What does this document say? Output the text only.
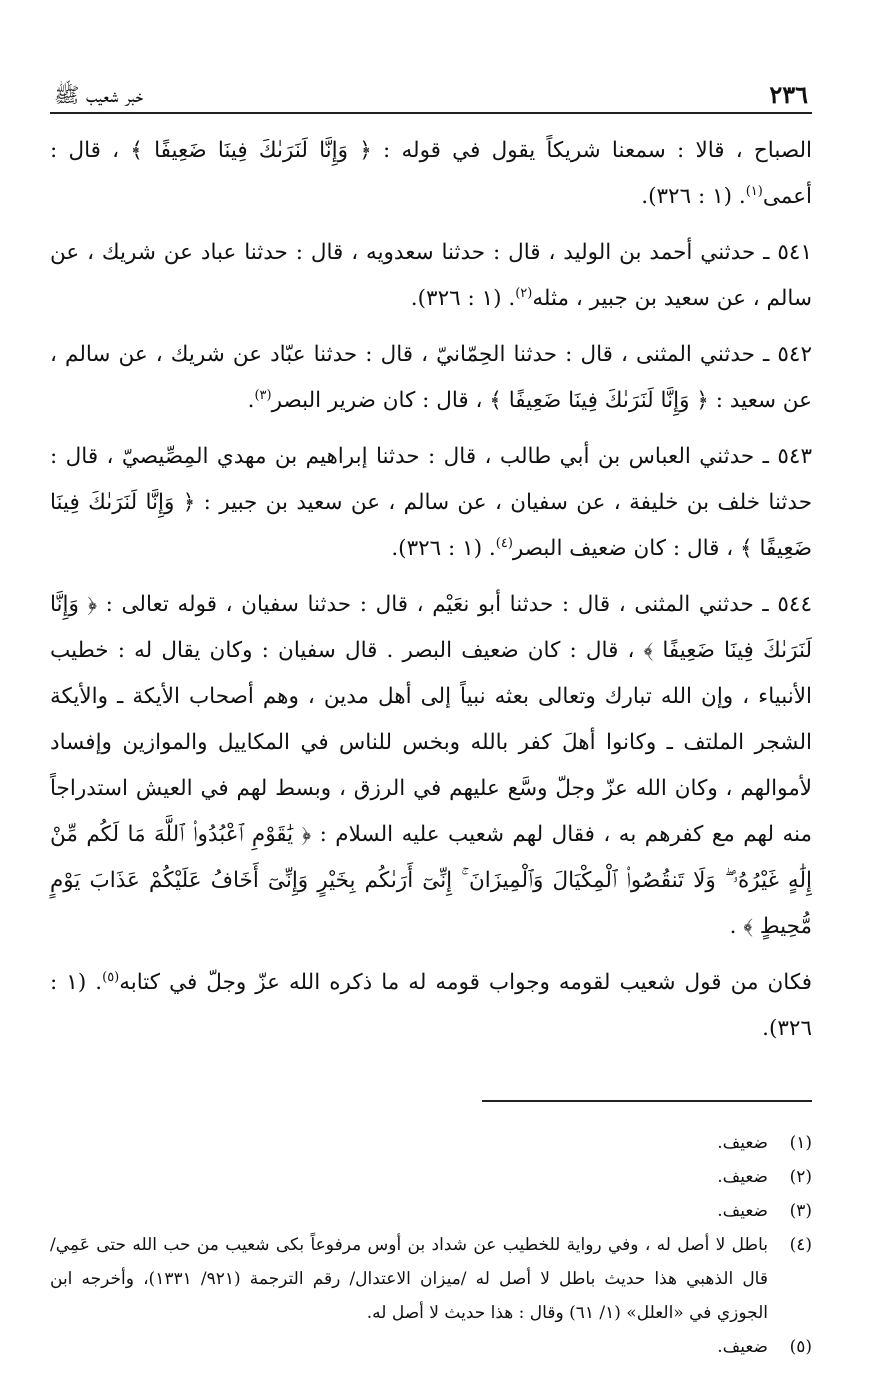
٢٣٦
خبر شعيب ﷺ

الصباح ، قالا : سمعنا شريكاً يقول في قوله : ﴿ وَإِنَّا لَنَرَىٰكَ فِينَا ضَعِيفًا ﴾ ، قال : أعمى$^{(١)}$. (١ : ٣٢٦).

٥٤١ ـ حدثني أحمد بن الوليد ، قال : حدثنا سعدويه ، قال : حدثنا عباد عن شريك ، عن سالم ، عن سعيد بن جبير ، مثله$^{(٢)}$. (١ : ٣٢٦).

٥٤٢ ـ حدثني المثنى ، قال : حدثنا الحِمّانيّ ، قال : حدثنا عبّاد عن شريك ، عن سالم ، عن سعيد : ﴿ وَإِنَّا لَنَرَىٰكَ فِينَا ضَعِيفًا ﴾ ، قال : كان ضرير البصر$^{(٣)}$.

٥٤٣ ـ حدثني العباس بن أبي طالب ، قال : حدثنا إبراهيم بن مهدي المِصِّيصيّ ، قال : حدثنا خلف بن خليفة ، عن سفيان ، عن سالم ، عن سعيد بن جبير : ﴿ وَإِنَّا لَنَرَىٰكَ فِينَا ضَعِيفًا ﴾ ، قال : كان ضعيف البصر$^{(٤)}$. (١ : ٣٢٦).

٥٤٤ ـ حدثني المثنى ، قال : حدثنا أبو نعَيْم ، قال : حدثنا سفيان ، قوله تعالى : ﴿ وَإِنَّا لَنَرَىٰكَ فِينَا ضَعِيفًا ﴾ ، قال : كان ضعيف البصر . قال سفيان : وكان يقال له : خطيب الأنبياء ، وإن الله تبارك وتعالى بعثه نبياً إلى أهل مدين ، وهم أصحاب الأيكة ـ والأيكة الشجر الملتف ـ وكانوا أهلَ كفر بالله وبخس للناس في المكاييل والموازين وإفساد لأموالهم ، وكان الله عزّ وجلّ وسَّع عليهم في الرزق ، وبسط لهم في العيش استدراجاً منه لهم مع كفرهم به ، فقال لهم شعيب عليه السلام : ﴿ يَٰقَوْمِ ٱعْبُدُوا۟ ٱللَّهَ مَا لَكُم مِّنْ إِلَٰهٍ غَيْرُهُۥ ۖ وَلَا تَنقُصُوا۟ ٱلْمِكْيَالَ وَٱلْمِيزَانَ ۚ إِنِّىٓ أَرَىٰكُم بِخَيْرٍ وَإِنِّىٓ أَخَافُ عَلَيْكُمْ عَذَابَ يَوْمٍ مُّحِيطٍ ﴾ .

فكان من قول شعيب لقومه وجواب قومه له ما ذكره الله عزّ وجلّ في كتابه$^{(٥)}$. (١ : ٣٢٦).

(١)
ضعيف.
(٢)
ضعيف.
(٣)
ضعيف.
(٤)
باطل لا أصل له ، وفي رواية للخطيب عن شداد بن أوس مرفوعاً بكى شعيب من حب الله حتى عَمِي/ قال الذهبي هذا حديث باطل لا أصل له /ميزان الاعتدال/ رقم الترجمة (٩٢١/ ١٣٣١)، وأخرجه ابن الجوزي في «العلل» (١/ ٦١) وقال : هذا حديث لا أصل له.
(٥)
ضعيف.
